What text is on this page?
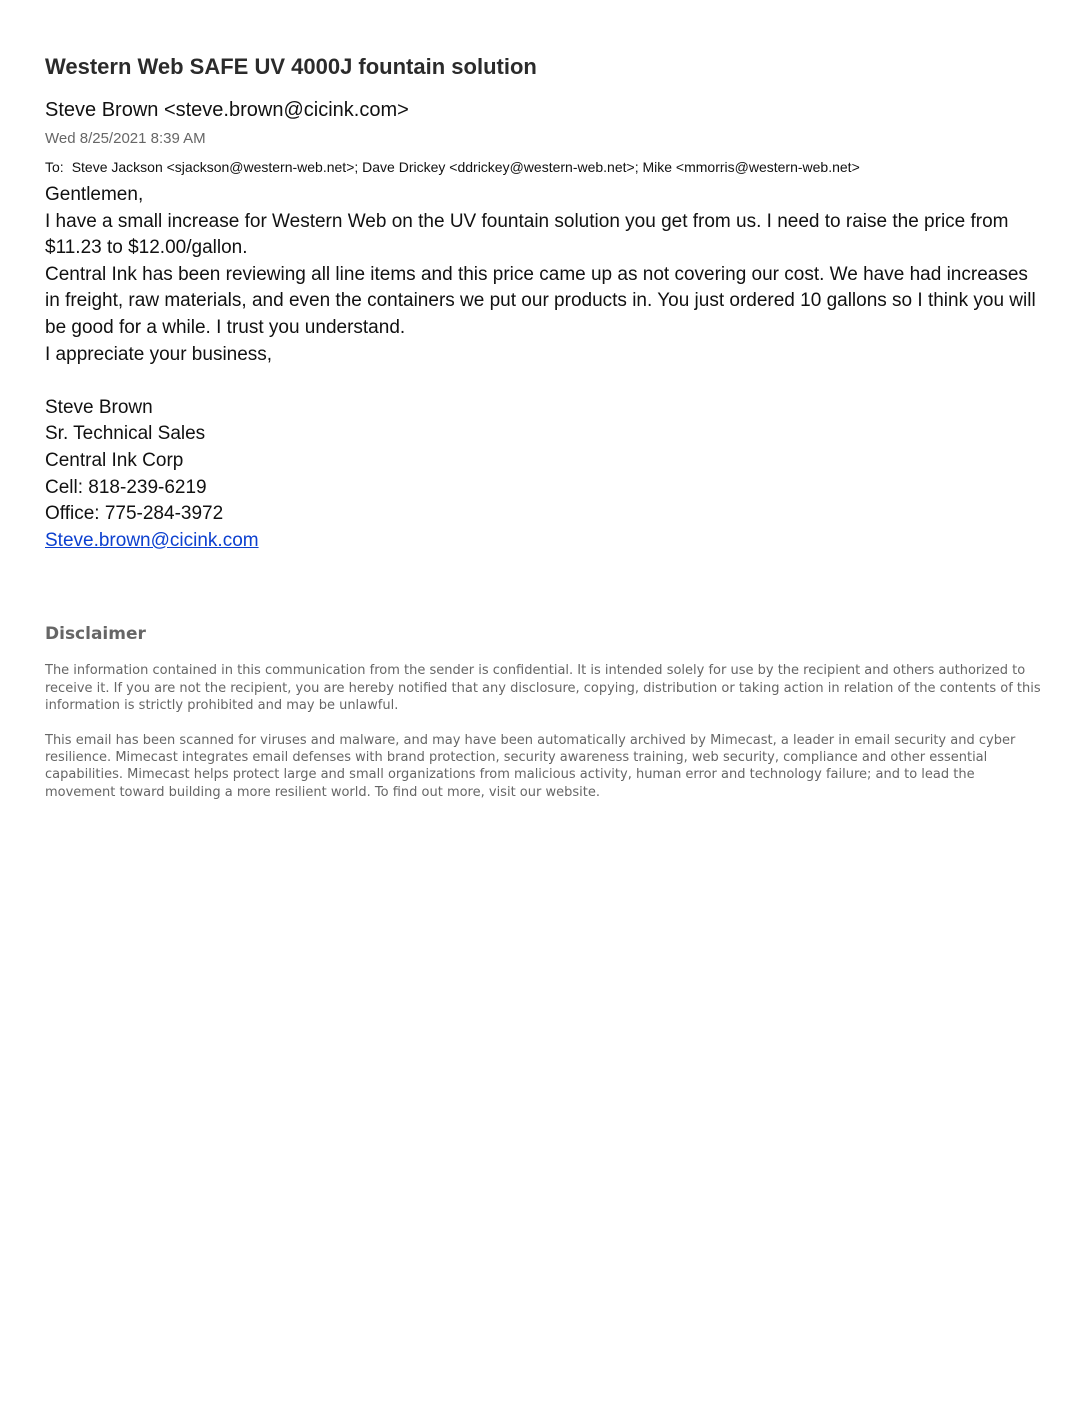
Western Web SAFE UV 4000J fountain solution
Steve Brown <steve.brown@cicink.com>
Wed 8/25/2021 8:39 AM
To: Steve Jackson <sjackson@western-web.net>; Dave Drickey <ddrickey@western-web.net>; Mike <mmorris@western-web.net>

Gentlemen,

I have a small increase for Western Web on the UV fountain solution you get from us. I need to raise the price from $11.23 to $12.00/gallon.

Central Ink has been reviewing all line items and this price came up as not covering our cost. We have had increases in freight, raw materials, and even the containers we put our products in. You just ordered 10 gallons so I think you will be good for a while. I trust you understand.

I appreciate your business,

Steve Brown

Sr. Technical Sales

Central Ink Corp

Cell: 818-239-6219

Office: 775-284-3972

Steve.brown@cicink.com

Disclaimer

The information contained in this communication from the sender is confidential. It is intended solely for use by the recipient and others authorized to receive it. If you are not the recipient, you are hereby notified that any disclosure, copying, distribution or taking action in relation of the contents of this information is strictly prohibited and may be unlawful.

This email has been scanned for viruses and malware, and may have been automatically archived by Mimecast, a leader in email security and cyber resilience. Mimecast integrates email defenses with brand protection, security awareness training, web security, compliance and other essential capabilities. Mimecast helps protect large and small organizations from malicious activity, human error and technology failure; and to lead the movement toward building a more resilient world. To find out more, visit our website.
